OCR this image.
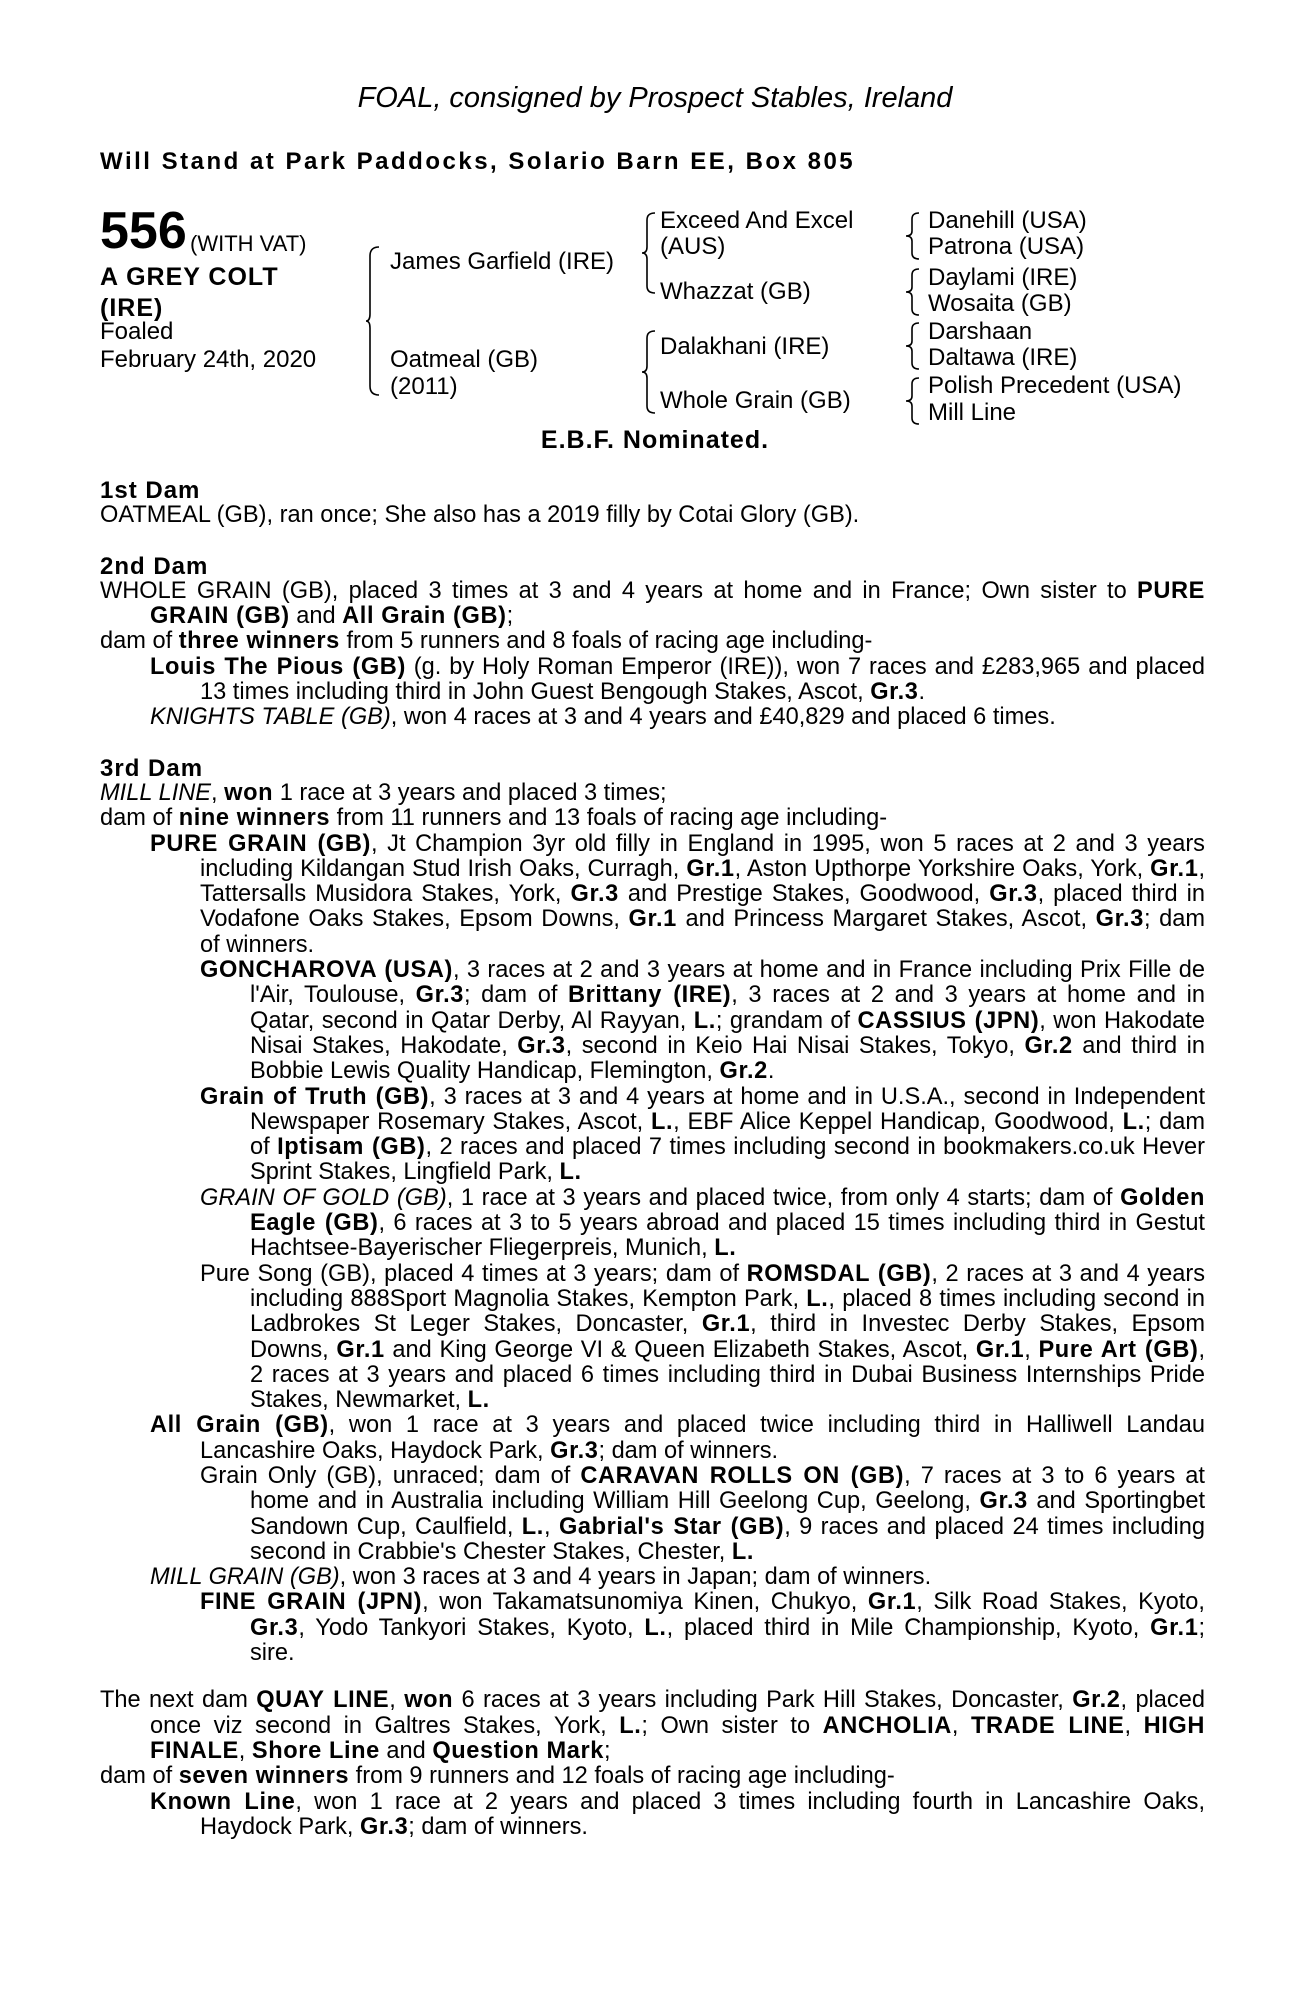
FOAL, consigned by Prospect Stables, Ireland
Will Stand at Park Paddocks, Solario Barn EE, Box 805
556 (WITH VAT)
A GREY COLT
(IRE)
Foaled
February 24th, 2020
James Garfield (IRE)
Oatmeal (GB)
(2011)
Exceed And Excel
(AUS)
Whazzat (GB)
Dalakhani (IRE)
Whole Grain (GB)
Danehill (USA)
Patrona (USA)
Daylami (IRE)
Wosaita (GB)
Darshaan
Daltawa (IRE)
Polish Precedent (USA)
Mill Line
E.B.F. Nominated.

1st Dam

OATMEAL (GB), ran once; She also has a 2019 filly by Cotai Glory (GB).

2nd Dam

WHOLE GRAIN (GB), placed 3 times at 3 and 4 years at home and in France; Own sister to PURE GRAIN (GB) and All Grain (GB);

dam of three winners from 5 runners and 8 foals of racing age including-

Louis The Pious (GB) (g. by Holy Roman Emperor (IRE)), won 7 races and £283,965 and placed 13 times including third in John Guest Bengough Stakes, Ascot, Gr.3.

KNIGHTS TABLE (GB), won 4 races at 3 and 4 years and £40,829 and placed 6 times.

3rd Dam

MILL LINE, won 1 race at 3 years and placed 3 times;

dam of nine winners from 11 runners and 13 foals of racing age including-

PURE GRAIN (GB), Jt Champion 3yr old filly in England in 1995, won 5 races at 2 and 3 years including Kildangan Stud Irish Oaks, Curragh, Gr.1, Aston Upthorpe Yorkshire Oaks, York, Gr.1, Tattersalls Musidora Stakes, York, Gr.3 and Prestige Stakes, Goodwood, Gr.3, placed third in Vodafone Oaks Stakes, Epsom Downs, Gr.1 and Princess Margaret Stakes, Ascot, Gr.3; dam of winners.

GONCHAROVA (USA), 3 races at 2 and 3 years at home and in France including Prix Fille de l'Air, Toulouse, Gr.3; dam of Brittany (IRE), 3 races at 2 and 3 years at home and in Qatar, second in Qatar Derby, Al Rayyan, L.; grandam of CASSIUS (JPN), won Hakodate Nisai Stakes, Hakodate, Gr.3, second in Keio Hai Nisai Stakes, Tokyo, Gr.2 and third in Bobbie Lewis Quality Handicap, Flemington, Gr.2.

Grain of Truth (GB), 3 races at 3 and 4 years at home and in U.S.A., second in Independent Newspaper Rosemary Stakes, Ascot, L., EBF Alice Keppel Handicap, Goodwood, L.; dam of Iptisam (GB), 2 races and placed 7 times including second in bookmakers.co.uk Hever Sprint Stakes, Lingfield Park, L.

GRAIN OF GOLD (GB), 1 race at 3 years and placed twice, from only 4 starts; dam of Golden Eagle (GB), 6 races at 3 to 5 years abroad and placed 15 times including third in Gestut Hachtsee-Bayerischer Fliegerpreis, Munich, L.

Pure Song (GB), placed 4 times at 3 years; dam of ROMSDAL (GB), 2 races at 3 and 4 years including 888Sport Magnolia Stakes, Kempton Park, L., placed 8 times including second in Ladbrokes St Leger Stakes, Doncaster, Gr.1, third in Investec Derby Stakes, Epsom Downs, Gr.1 and King George VI & Queen Elizabeth Stakes, Ascot, Gr.1, Pure Art (GB), 2 races at 3 years and placed 6 times including third in Dubai Business Internships Pride Stakes, Newmarket, L.

All Grain (GB), won 1 race at 3 years and placed twice including third in Halliwell Landau Lancashire Oaks, Haydock Park, Gr.3; dam of winners.

Grain Only (GB), unraced; dam of CARAVAN ROLLS ON (GB), 7 races at 3 to 6 years at home and in Australia including William Hill Geelong Cup, Geelong, Gr.3 and Sportingbet Sandown Cup, Caulfield, L., Gabrial's Star (GB), 9 races and placed 24 times including second in Crabbie's Chester Stakes, Chester, L.

MILL GRAIN (GB), won 3 races at 3 and 4 years in Japan; dam of winners.

FINE GRAIN (JPN), won Takamatsunomiya Kinen, Chukyo, Gr.1, Silk Road Stakes, Kyoto, Gr.3, Yodo Tankyori Stakes, Kyoto, L., placed third in Mile Championship, Kyoto, Gr.1; sire.

The next dam QUAY LINE, won 6 races at 3 years including Park Hill Stakes, Doncaster, Gr.2, placed once viz second in Galtres Stakes, York, L.; Own sister to ANCHOLIA, TRADE LINE, HIGH FINALE, Shore Line and Question Mark;

dam of seven winners from 9 runners and 12 foals of racing age including-

Known Line, won 1 race at 2 years and placed 3 times including fourth in Lancashire Oaks, Haydock Park, Gr.3; dam of winners.
